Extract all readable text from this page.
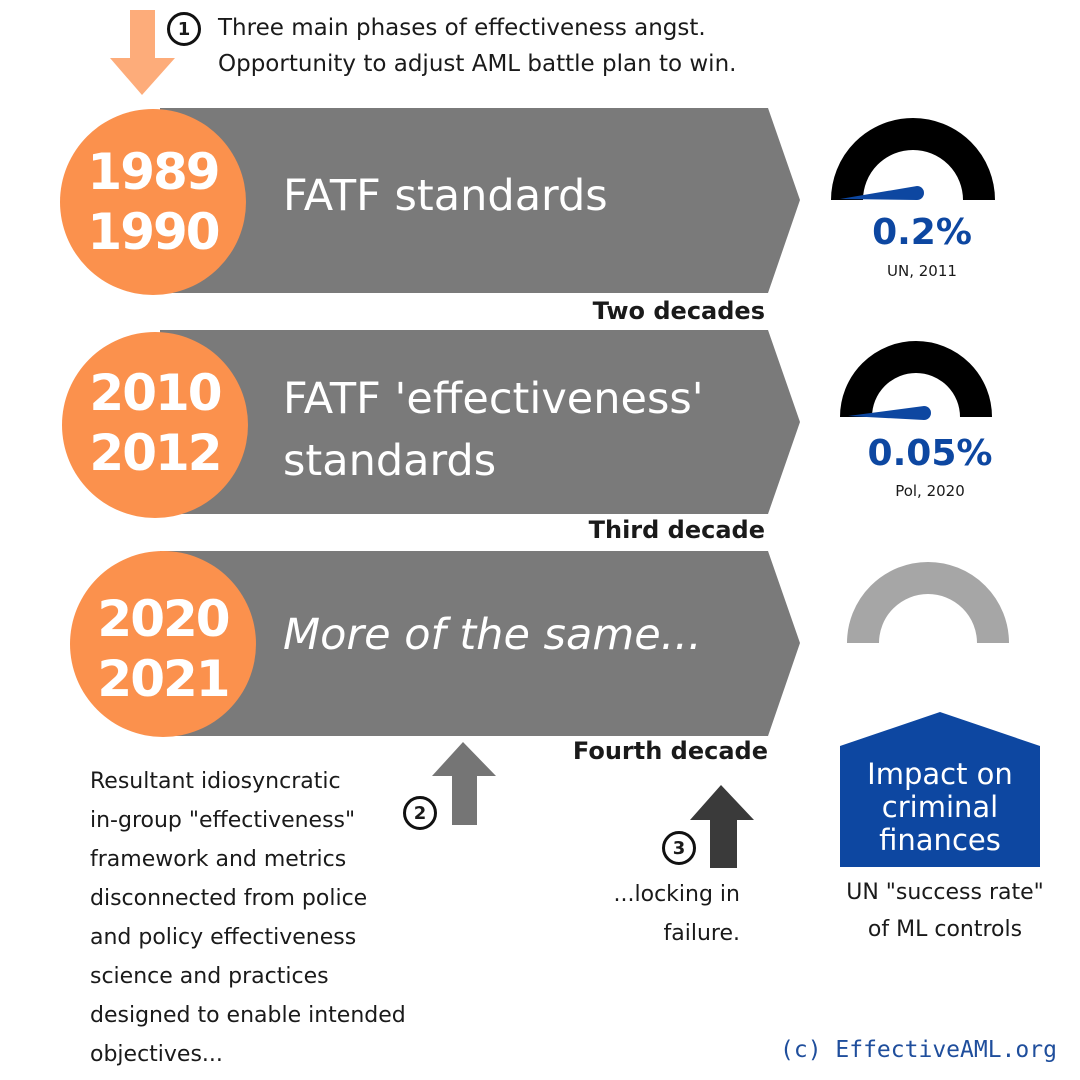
1	Three main phases of effectiveness angst.
Opportunity to adjust AML battle plan to win.
1989
1990
FATF standards
Two decades
0.2%
UN, 2011
2010
2012
FATF 'effectiveness'
standards
Third decade
0.05%
Pol, 2020
2020
2021
More of the same...
Fourth decade
2
Resultant idiosyncratic
in-group "effectiveness"
framework and metrics
disconnected from police
and policy effectiveness
science and practices
designed to enable intended
objectives...
3
...locking in
failure.
Impact on
criminal
finances
UN "success rate"
of ML controls
(c) EffectiveAML.org
